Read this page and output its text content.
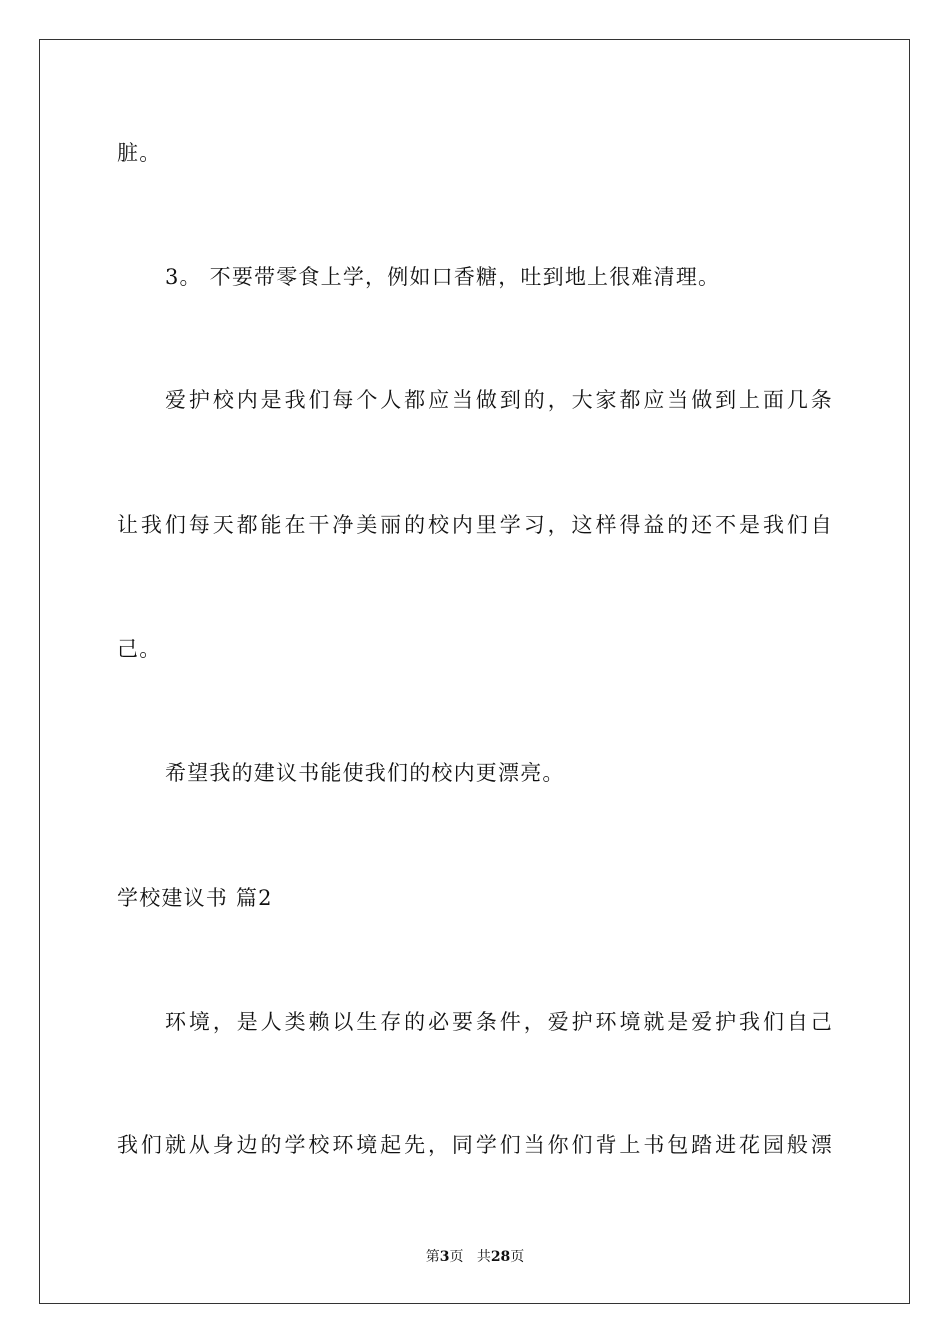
脏。
3。 不要带零食上学，例如口香糖，吐到地上很难清理。
爱护校内是我们每个人都应当做到的，大家都应当做到上面几条
让我们每天都能在干净美丽的校内里学习，这样得益的还不是我们自
己。
希望我的建议书能使我们的校内更漂亮。
学校建议书 篇2
环境，是人类赖以生存的必要条件，爱护环境就是爱护我们自己
我们就从身边的学校环境起先，同学们当你们背上书包踏进花园般漂
第3页 共28页
